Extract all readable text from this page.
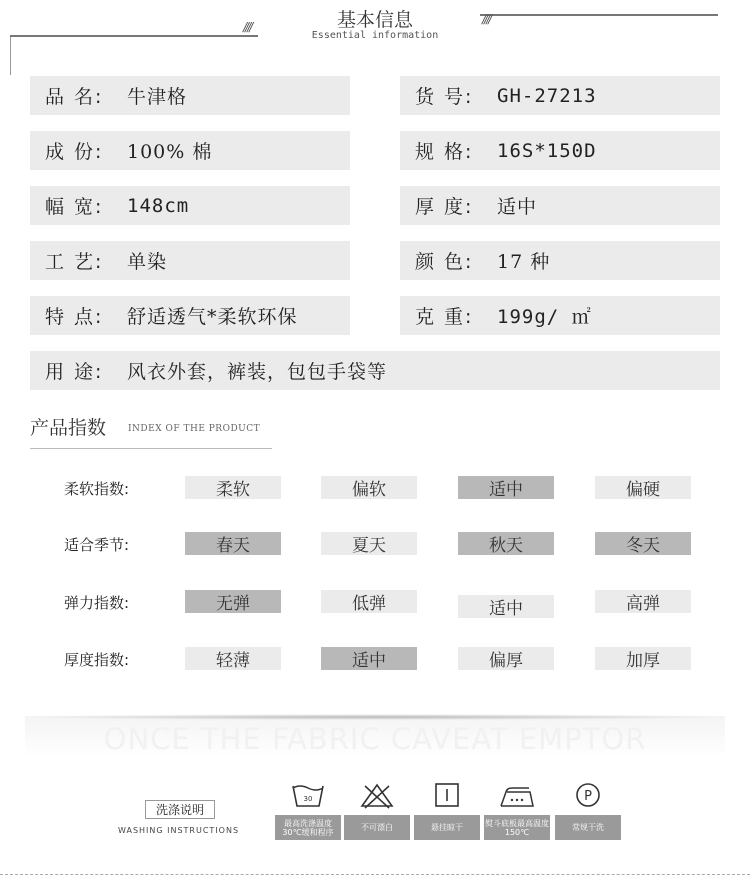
////
////
基本信息
Essential information
品 名:	牛津格	货 号:	GH-27213
成 份:	100% 棉	规 格:	16S*150D
幅 宽:	148cm	厚 度:	适中
工 艺:	单染	颜 色:	17 种
特 点:	舒适透气*柔软环保	克 重:	199g/ ㎡
用 途:	风衣外套，裤装，包包手袋等
产品指数 INDEX OF THE PRODUCT
柔软指数:	柔软	偏软	适中	偏硬
适合季节:	春天	夏天	秋天	冬天
弹力指数:	无弹	低弹	适中	高弹
厚度指数:	轻薄	适中	偏厚	加厚
ONCE THE FABRIC CAVEAT EMPTOR
洗涤说明
WASHING INSTRUCTIONS
30
最高洗涤温度30℃缓和程序	不可漂白	悬挂晾干	熨斗底板最高温度150℃
P
常规干洗
